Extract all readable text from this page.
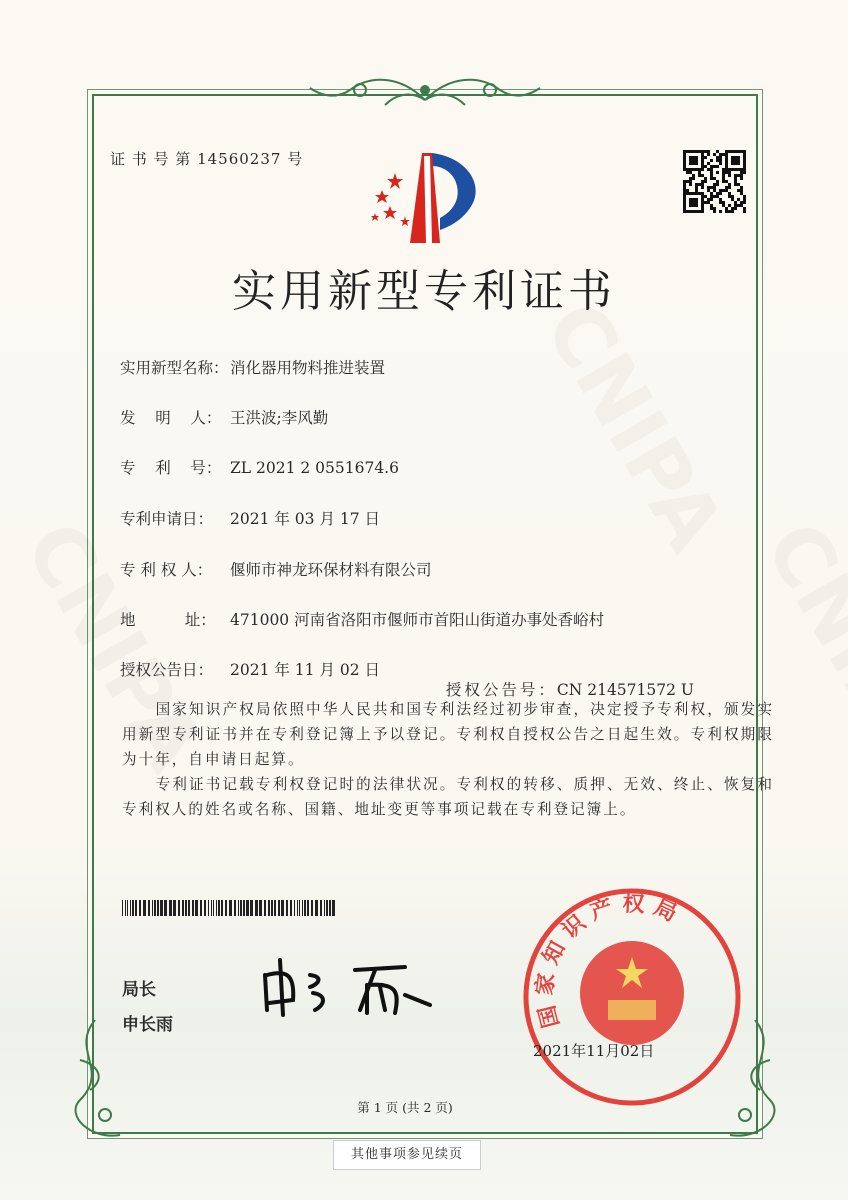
证 书 号 第 14560237 号
实用新型专利证书
实用新型名称：消化器用物料推进装置
发    明    人： 王洪波;李风勤
专    利    号： ZL 2021 2 0551674.6
专利申请日： 2021 年 03 月 17 日
专 利 权 人： 偃师市神龙环保材料有限公司
地          址： 471000 河南省洛阳市偃师市首阳山街道办事处香峪村
授权公告日： 2021 年 11 月 02 日

授权公告号：CN 214571572 U

国家知识产权局依照中华人民共和国专利法经过初步审查，决定授予专利权，颁发实用新型专利证书并在专利登记簿上予以登记。专利权自授权公告之日起生效。专利权期限为十年，自申请日起算。

专利证书记载专利权登记时的法律状况。专利权的转移、质押、无效、终止、恢复和专利权人的姓名或名称、国籍、地址变更等事项记载在专利登记簿上。

局长
申长雨	国家知识产权局
2021年11月02日
第 1 页 (共 2 页)
其他事项参见续页
